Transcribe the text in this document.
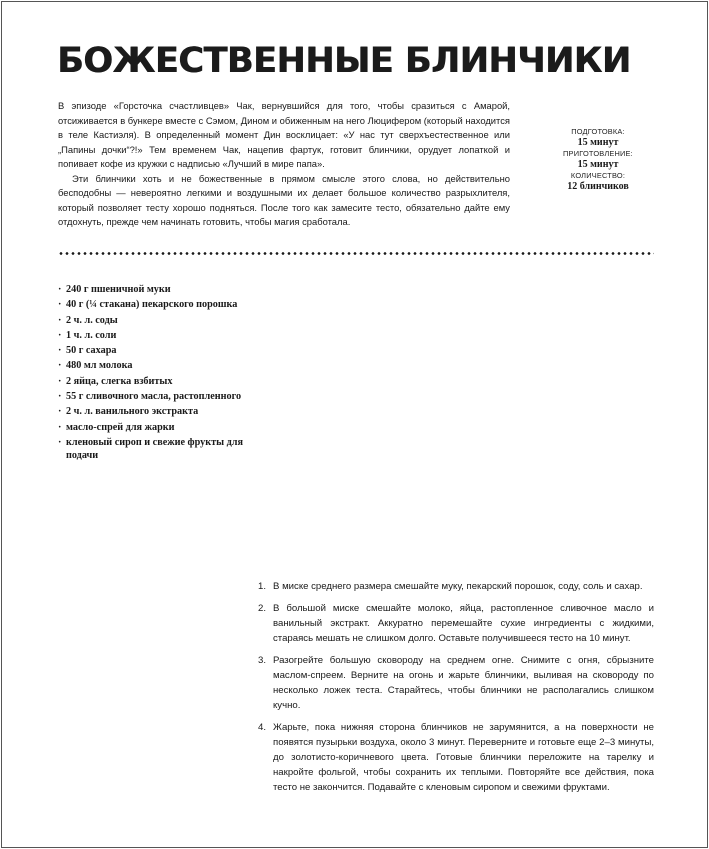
БОЖЕСТВЕННЫЕ БЛИНЧИКИ

В эпизоде «Горсточка счастливцев» Чак, вернувшийся для того, чтобы сразиться с Амарой, отсиживается в бункере вместе с Сэмом, Дином и обиженным на него Люцифером (который находится в теле Кастиэля). В определенный момент Дин восклицает: «У нас тут сверхъестественное или „Папины дочки“?!» Тем временем Чак, нацепив фартук, готовит блинчики, орудует лопаткой и попивает кофе из кружки с надписью «Лучший в мире папа».

Эти блинчики хоть и не божественные в прямом смысле этого слова, но действительно бесподобны — невероятно легкими и воздушными их делает большое количество разрыхлителя, который позволяет тесту хорошо подняться. После того как замесите тесто, обязательно дайте ему отдохнуть, прежде чем начинать готовить, чтобы магия сработала.

ПОДГОТОВКА:
15 минут
ПРИГОТОВЛЕНИЕ:
15 минут
КОЛИЧЕСТВО:
12 блинчиков
· 240 г пшеничной муки
· 40 г (¼ стакана) пекарского порошка
· 2 ч. л. соды
· 1 ч. л. соли
· 50 г сахара
· 480 мл молока
· 2 яйца, слегка взбитых
· 55 г сливочного масла, растопленного
· 2 ч. л. ванильного экстракта
· масло-спрей для жарки
· кленовый сироп и свежие фрукты для подачи
1. В миске среднего размера смешайте муку, пекарский порошок, соду, соль и сахар.
2. В большой миске смешайте молоко, яйца, растопленное сливочное масло и ванильный экстракт. Аккуратно перемешайте сухие ингредиенты с жидкими, стараясь мешать не слишком долго. Оставьте получившееся тесто на 10 минут.
3. Разогрейте большую сковороду на среднем огне. Снимите с огня, сбрызните маслом-спреем. Верните на огонь и жарьте блинчики, выливая на сковороду по несколько ложек теста. Старайтесь, чтобы блинчики не располагались слишком кучно.
4. Жарьте, пока нижняя сторона блинчиков не зарумянится, а на поверхности не появятся пузырьки воздуха, около 3 минут. Переверните и готовьте еще 2–3 минуты, до золотисто-коричневого цвета. Готовые блинчики переложите на тарелку и накройте фольгой, чтобы сохранить их теплыми. Повторяйте все действия, пока тесто не закончится. Подавайте с кленовым сиропом и свежими фруктами.
